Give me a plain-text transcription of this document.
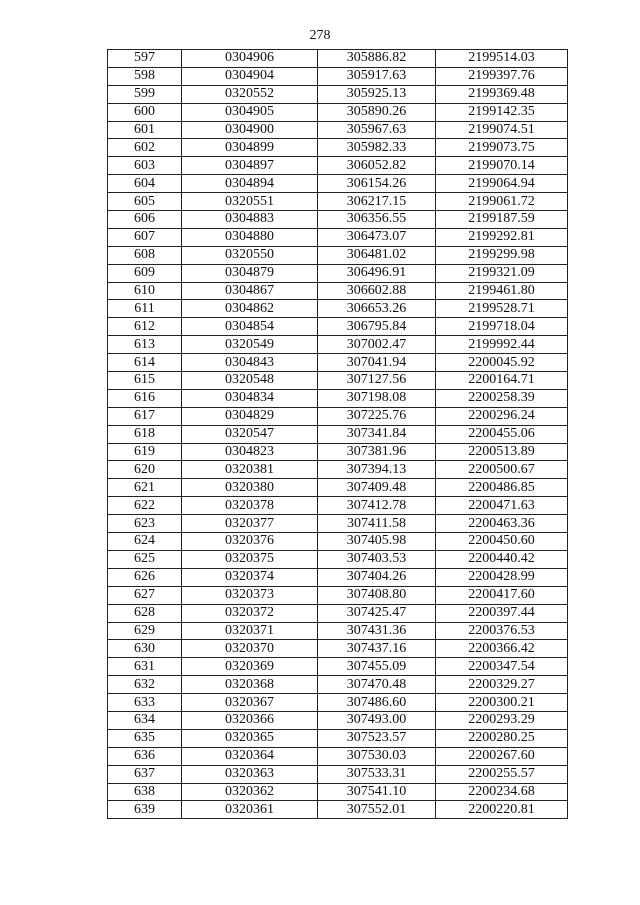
278
597	0304906	305886.82	2199514.03
598	0304904	305917.63	2199397.76
599	0320552	305925.13	2199369.48
600	0304905	305890.26	2199142.35
601	0304900	305967.63	2199074.51
602	0304899	305982.33	2199073.75
603	0304897	306052.82	2199070.14
604	0304894	306154.26	2199064.94
605	0320551	306217.15	2199061.72
606	0304883	306356.55	2199187.59
607	0304880	306473.07	2199292.81
608	0320550	306481.02	2199299.98
609	0304879	306496.91	2199321.09
610	0304867	306602.88	2199461.80
611	0304862	306653.26	2199528.71
612	0304854	306795.84	2199718.04
613	0320549	307002.47	2199992.44
614	0304843	307041.94	2200045.92
615	0320548	307127.56	2200164.71
616	0304834	307198.08	2200258.39
617	0304829	307225.76	2200296.24
618	0320547	307341.84	2200455.06
619	0304823	307381.96	2200513.89
620	0320381	307394.13	2200500.67
621	0320380	307409.48	2200486.85
622	0320378	307412.78	2200471.63
623	0320377	307411.58	2200463.36
624	0320376	307405.98	2200450.60
625	0320375	307403.53	2200440.42
626	0320374	307404.26	2200428.99
627	0320373	307408.80	2200417.60
628	0320372	307425.47	2200397.44
629	0320371	307431.36	2200376.53
630	0320370	307437.16	2200366.42
631	0320369	307455.09	2200347.54
632	0320368	307470.48	2200329.27
633	0320367	307486.60	2200300.21
634	0320366	307493.00	2200293.29
635	0320365	307523.57	2200280.25
636	0320364	307530.03	2200267.60
637	0320363	307533.31	2200255.57
638	0320362	307541.10	2200234.68
639	0320361	307552.01	2200220.81
